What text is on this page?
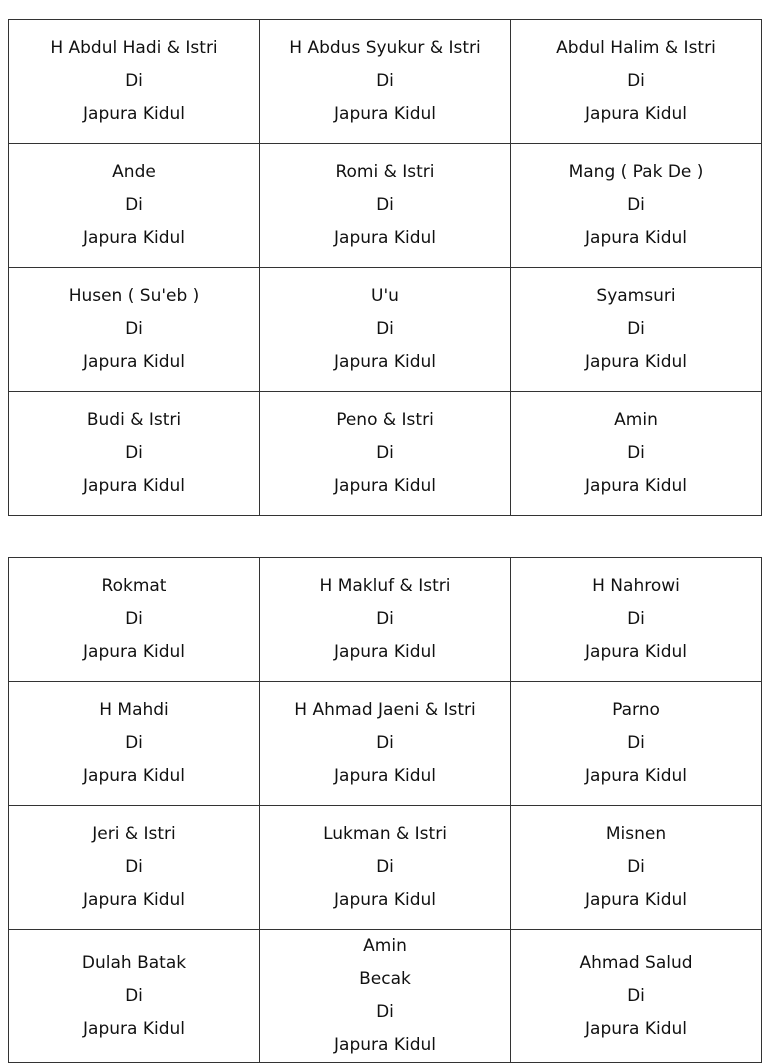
H Abdul Hadi & Istri
Di
Japura Kidul	H Abdus Syukur & Istri
Di
Japura Kidul	Abdul Halim & Istri
Di
Japura Kidul

Ande
Di
Japura Kidul	Romi & Istri
Di
Japura Kidul	Mang ( Pak De )
Di
Japura Kidul

Husen ( Su'eb )
Di
Japura Kidul	U'u
Di
Japura Kidul	Syamsuri
Di
Japura Kidul

Budi & Istri
Di
Japura Kidul	Peno & Istri
Di
Japura Kidul	Amin
Di
Japura Kidul
Rokmat
Di
Japura Kidul	H Makluf & Istri
Di
Japura Kidul	H Nahrowi
Di
Japura Kidul

H Mahdi
Di
Japura Kidul	H Ahmad Jaeni & Istri
Di
Japura Kidul	Parno
Di
Japura Kidul

Jeri & Istri
Di
Japura Kidul	Lukman & Istri
Di
Japura Kidul	Misnen
Di
Japura Kidul

Dulah Batak
Di
Japura Kidul	Amin
Becak
Di
Japura Kidul	Ahmad Salud
Di
Japura Kidul
